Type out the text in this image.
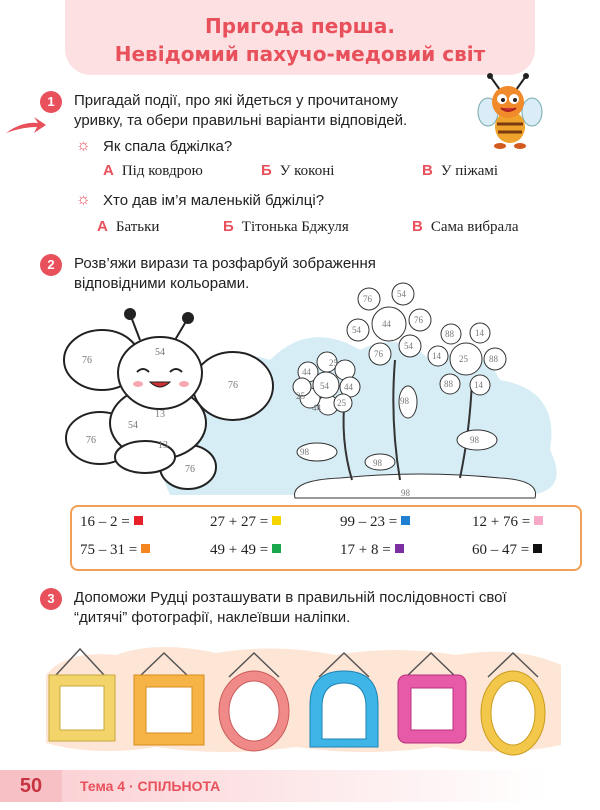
Пригода перша.
Невідомий пахучо-медовий світ
1	Пригадай події, про які йдеться у прочитаному
уривку, та обери правильні варіанти відповідей.
☼ Як спала бджілка?
А Під ковдрою	Б У коконі	В У піжамі
☼ Хто дав ім’я маленькій бджілці?
А Батьки	Б Тітонька Бджуля	В Сама вибрала
2	Розв’яжи вирази та розфарбуй зображення
відповідними кольорами.
76
54
76
13
76
54
13
76
44
25
25
54 44
25
44
98
98
76	54
54
44	76
76
54
98
88 14
14 25 88
88 14
98
98
16 – 2 =	27 + 27 =	99 – 23 =	12 + 76 =
75 – 31 =	49 + 49 =	17 + 8 =	60 – 47 =
3	Допоможи Рудці розташувати в правильній послідовності свої
“дитячі” фотографії, наклеївши наліпки.
50	Тема 4 · СПІЛЬНОТА
